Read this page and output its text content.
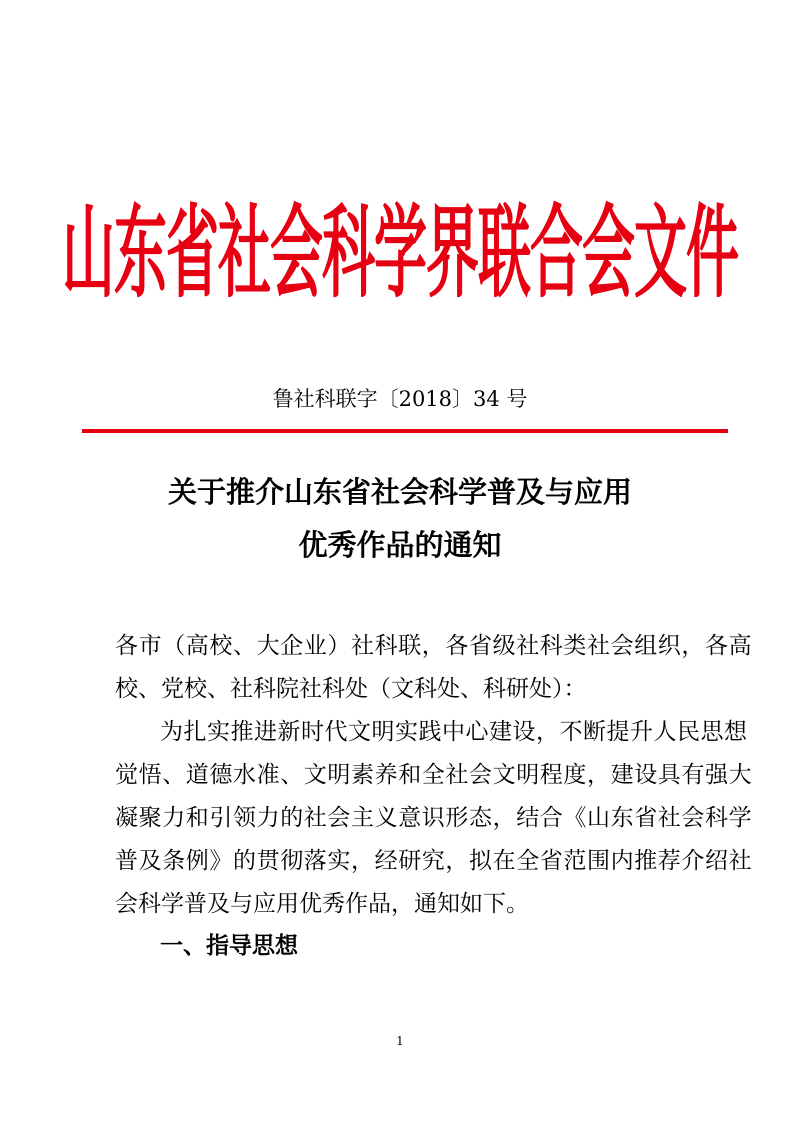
山东省社会科学界联合会文件
鲁社科联字〔2018〕34 号
关于推介山东省社会科学普及与应用
优秀作品的通知
各市（高校、大企业）社科联，各省级社科类社会组织，各高
校、党校、社科院社科处（文科处、科研处）：
为扎实推进新时代文明实践中心建设，不断提升人民思想
觉悟、道德水准、文明素养和全社会文明程度，建设具有强大
凝聚力和引领力的社会主义意识形态，结合《山东省社会科学
普及条例》的贯彻落实，经研究，拟在全省范围内推荐介绍社
会科学普及与应用优秀作品，通知如下。
一、指导思想
1
